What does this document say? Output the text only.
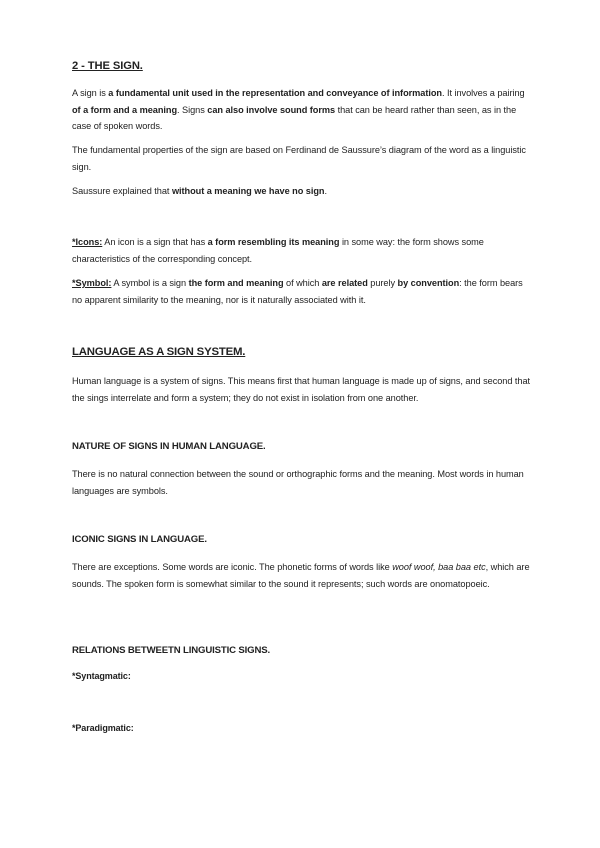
2 - THE SIGN.
A sign is a fundamental unit used in the representation and conveyance of information. It involves a pairing of a form and a meaning. Signs can also involve sound forms that can be heard rather than seen, as in the case of spoken words.
The fundamental properties of the sign are based on Ferdinand de Saussure’s diagram of the word as a linguistic sign.
Saussure explained that without a meaning we have no sign.
*Icons: An icon is a sign that has a form resembling its meaning in some way: the form shows some characteristics of the corresponding concept.
*Symbol: A symbol is a sign the form and meaning of which are related purely by convention: the form bears no apparent similarity to the meaning, nor is it naturally associated with it.
LANGUAGE AS A SIGN SYSTEM.
Human language is a system of signs. This means first that human language is made up of signs, and second that the sings interrelate and form a system; they do not exist in isolation from one another.
NATURE OF SIGNS IN HUMAN LANGUAGE.
There is no natural connection between the sound or orthographic forms and the meaning. Most words in human languages are symbols.
ICONIC SIGNS IN LANGUAGE.
There are exceptions. Some words are iconic. The phonetic forms of words like woof woof, baa baa etc, which are sounds. The spoken form is somewhat similar to the sound it represents; such words are onomatopoeic.
RELATIONS BETWEETN LINGUISTIC SIGNS.
*Syntagmatic:
*Paradigmatic:
